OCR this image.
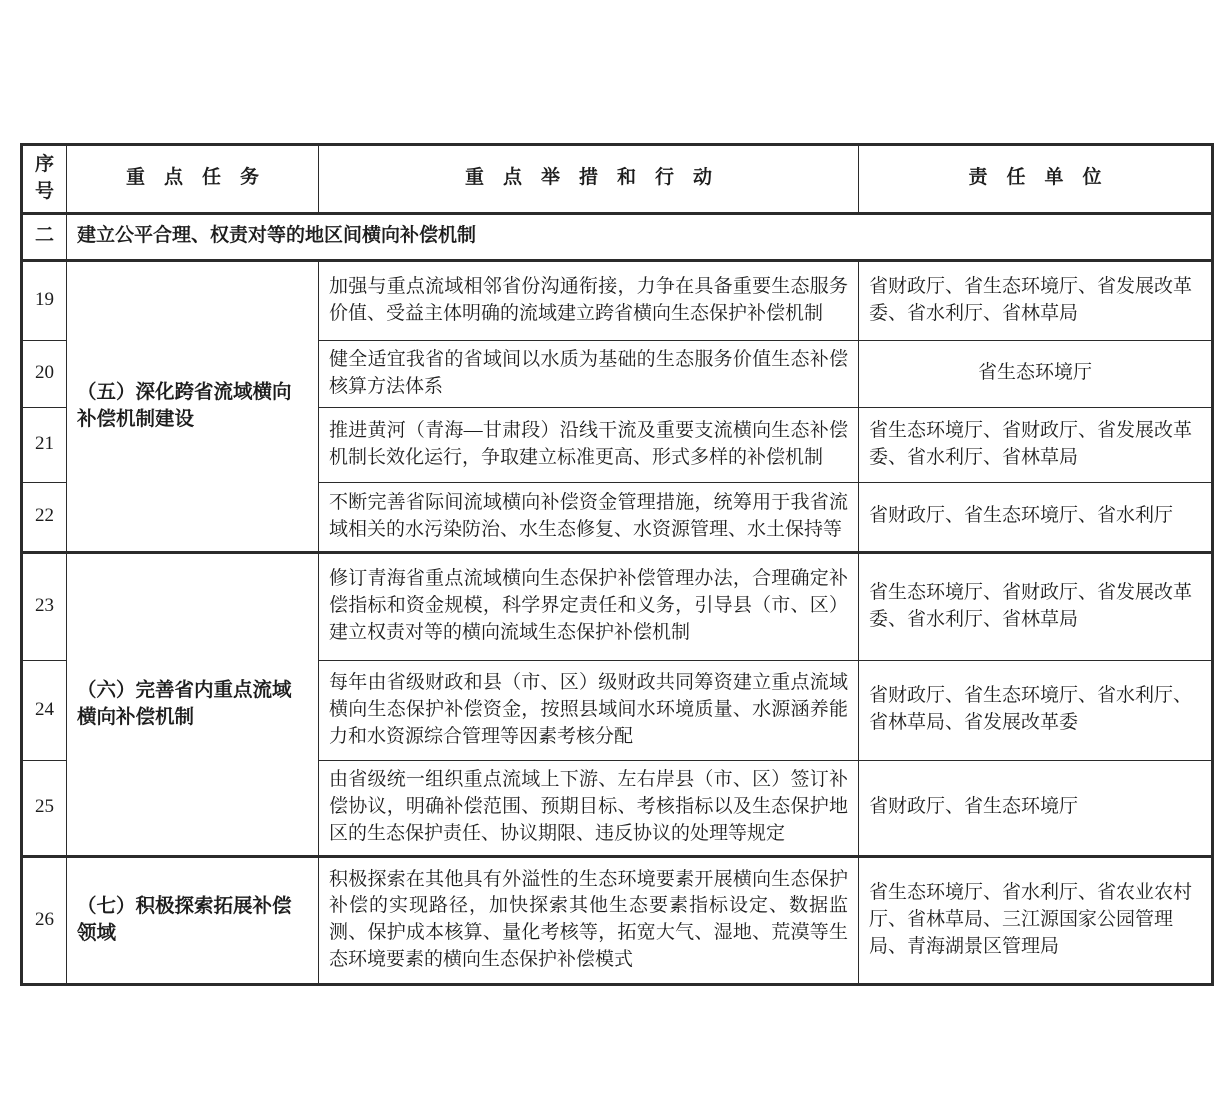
序号	重　点　任　务	重　点　举　措　和　行　动	责　任　单　位
二	建立公平合理、权责对等的地区间横向补偿机制		
19	（五）深化跨省流域横向补偿机制建设	加强与重点流域相邻省份沟通衔接，力争在具备重要生态服务价值、受益主体明确的流域建立跨省横向生态保护补偿机制	省财政厅、省生态环境厅、省发展改革委、省水利厅、省林草局
20		健全适宜我省的省域间以水质为基础的生态服务价值生态补偿核算方法体系	省生态环境厅
21		推进黄河（青海—甘肃段）沿线干流及重要支流横向生态补偿机制长效化运行，争取建立标准更高、形式多样的补偿机制	省生态环境厅、省财政厅、省发展改革委、省水利厅、省林草局
22		不断完善省际间流域横向补偿资金管理措施，统筹用于我省流域相关的水污染防治、水生态修复、水资源管理、水土保持等	省财政厅、省生态环境厅、省水利厅
23	（六）完善省内重点流域横向补偿机制	修订青海省重点流域横向生态保护补偿管理办法，合理确定补偿指标和资金规模，科学界定责任和义务，引导县（市、区）建立权责对等的横向流域生态保护补偿机制	省生态环境厅、省财政厅、省发展改革委、省水利厅、省林草局
24		每年由省级财政和县（市、区）级财政共同筹资建立重点流域横向生态保护补偿资金，按照县域间水环境质量、水源涵养能力和水资源综合管理等因素考核分配	省财政厅、省生态环境厅、省水利厅、省林草局、省发展改革委
25		由省级统一组织重点流域上下游、左右岸县（市、区）签订补偿协议，明确补偿范围、预期目标、考核指标以及生态保护地区的生态保护责任、协议期限、违反协议的处理等规定	省财政厅、省生态环境厅
26	（七）积极探索拓展补偿领域	积极探索在其他具有外溢性的生态环境要素开展横向生态保护补偿的实现路径，加快探索其他生态要素指标设定、数据监测、保护成本核算、量化考核等，拓宽大气、湿地、荒漠等生态环境要素的横向生态保护补偿模式	省生态环境厅、省水利厅、省农业农村厅、省林草局、三江源国家公园管理局、青海湖景区管理局
